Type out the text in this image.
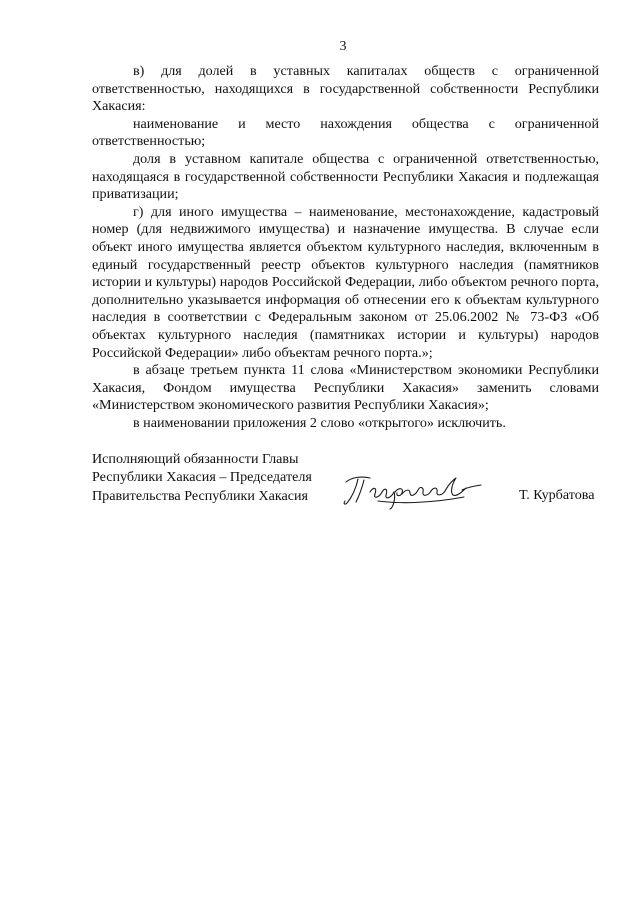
3

в) для долей в уставных капиталах обществ с ограниченной ответственностью, находящихся в государственной собственности Республики Хакасия:

наименование и место нахождения общества с ограниченной ответственностью;

доля в уставном капитале общества с ограниченной ответственностью, находящаяся в государственной собственности Республики Хакасия и подлежащая приватизации;

г) для иного имущества – наименование, местонахождение, кадастровый номер (для недвижимого имущества) и назначение имущества. В случае если объект иного имущества является объектом культурного наследия, включенным в единый государственный реестр объектов культурного наследия (памятников истории и культуры) народов Российской Федерации, либо объектом речного порта, дополнительно указывается информация об отнесении его к объектам культурного наследия в соответствии с Федеральным законом от 25.06.2002 № 73-ФЗ «Об объектах культурного наследия (памятниках истории и культуры) народов Российской Федерации» либо объектам речного порта.»;

в абзаце третьем пункта 11 слова «Министерством экономики Республики Хакасия, Фондом имущества Республики Хакасия» заменить словами «Министерством экономического развития Республики Хакасия»;

в наименовании приложения 2 слово «открытого» исключить.

Исполняющий обязанности Главы
Республики Хакасия – Председателя
Правительства Республики Хакасия	Т. Курбатова
